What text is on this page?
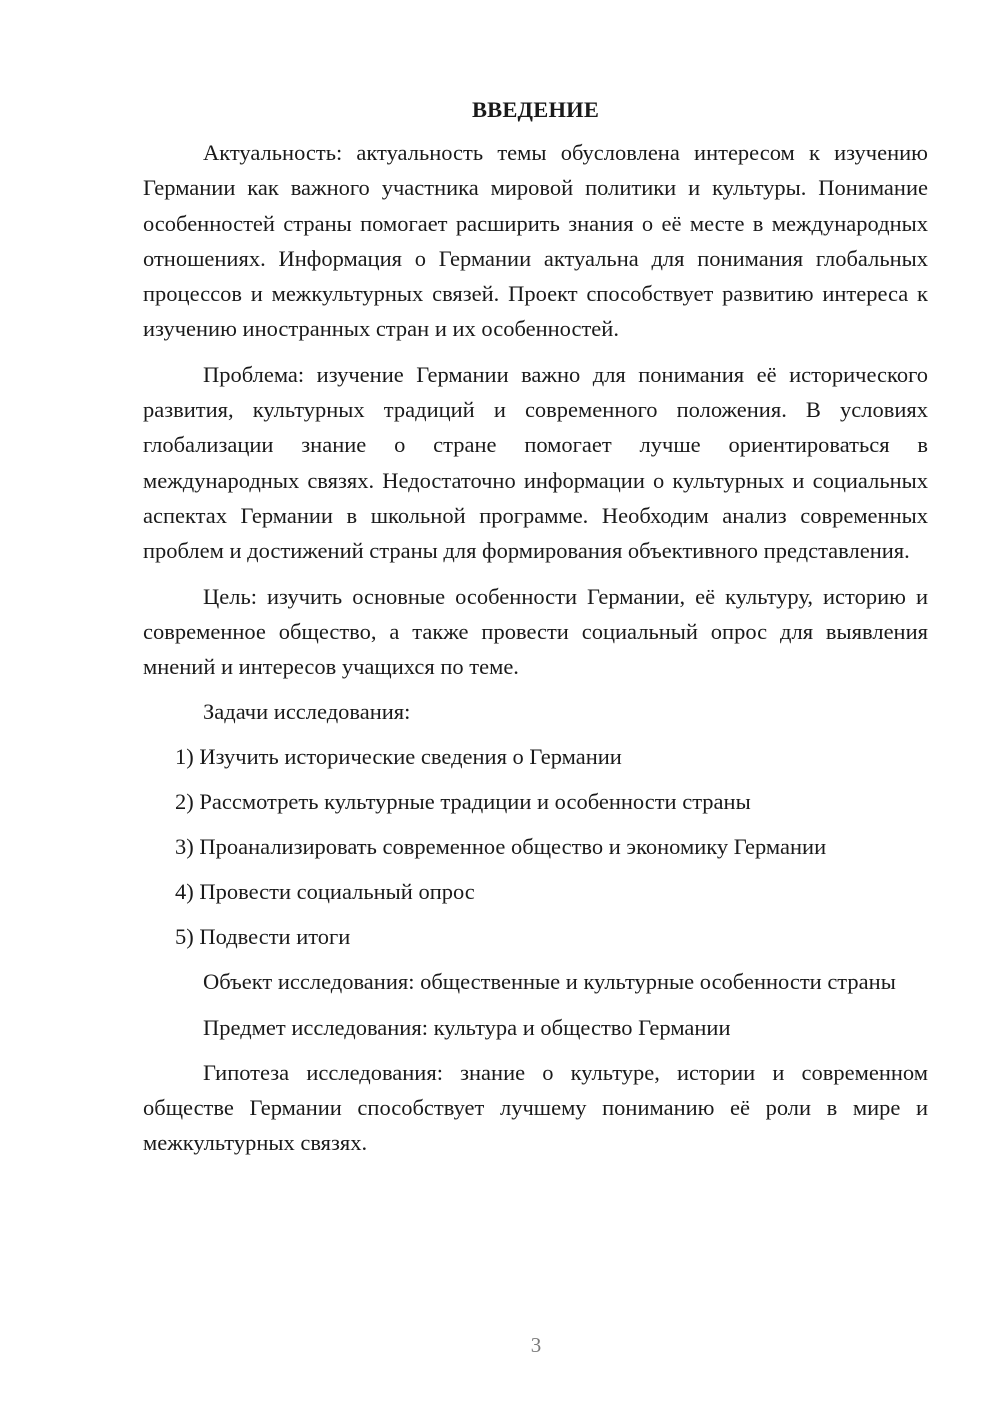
ВВЕДЕНИЕ

Актуальность: актуальность темы обусловлена интересом к изучению Германии как важного участника мировой политики и культуры. Понимание особенностей страны помогает расширить знания о её месте в международных отношениях. Информация о Германии актуальна для понимания глобальных процессов и межкультурных связей. Проект способствует развитию интереса к изучению иностранных стран и их особенностей.

Проблема: изучение Германии важно для понимания её исторического развития, культурных традиций и современного положения. В условиях глобализации знание о стране помогает лучше ориентироваться в международных связях. Недостаточно информации о культурных и социальных аспектах Германии в школьной программе. Необходим анализ современных проблем и достижений страны для формирования объективного представления.

Цель: изучить основные особенности Германии, её культуру, историю и современное общество, а также провести социальный опрос для выявления мнений и интересов учащихся по теме.

Задачи исследования:

1) Изучить исторические сведения о Германии
2) Рассмотреть культурные традиции и особенности страны
3) Проанализировать современное общество и экономику Германии
4) Провести социальный опрос
5) Подвести итоги

Объект исследования: общественные и культурные особенности страны

Предмет исследования: культура и общество Германии

Гипотеза исследования: знание о культуре, истории и современном обществе Германии способствует лучшему пониманию её роли в мире и межкультурных связях.

3
